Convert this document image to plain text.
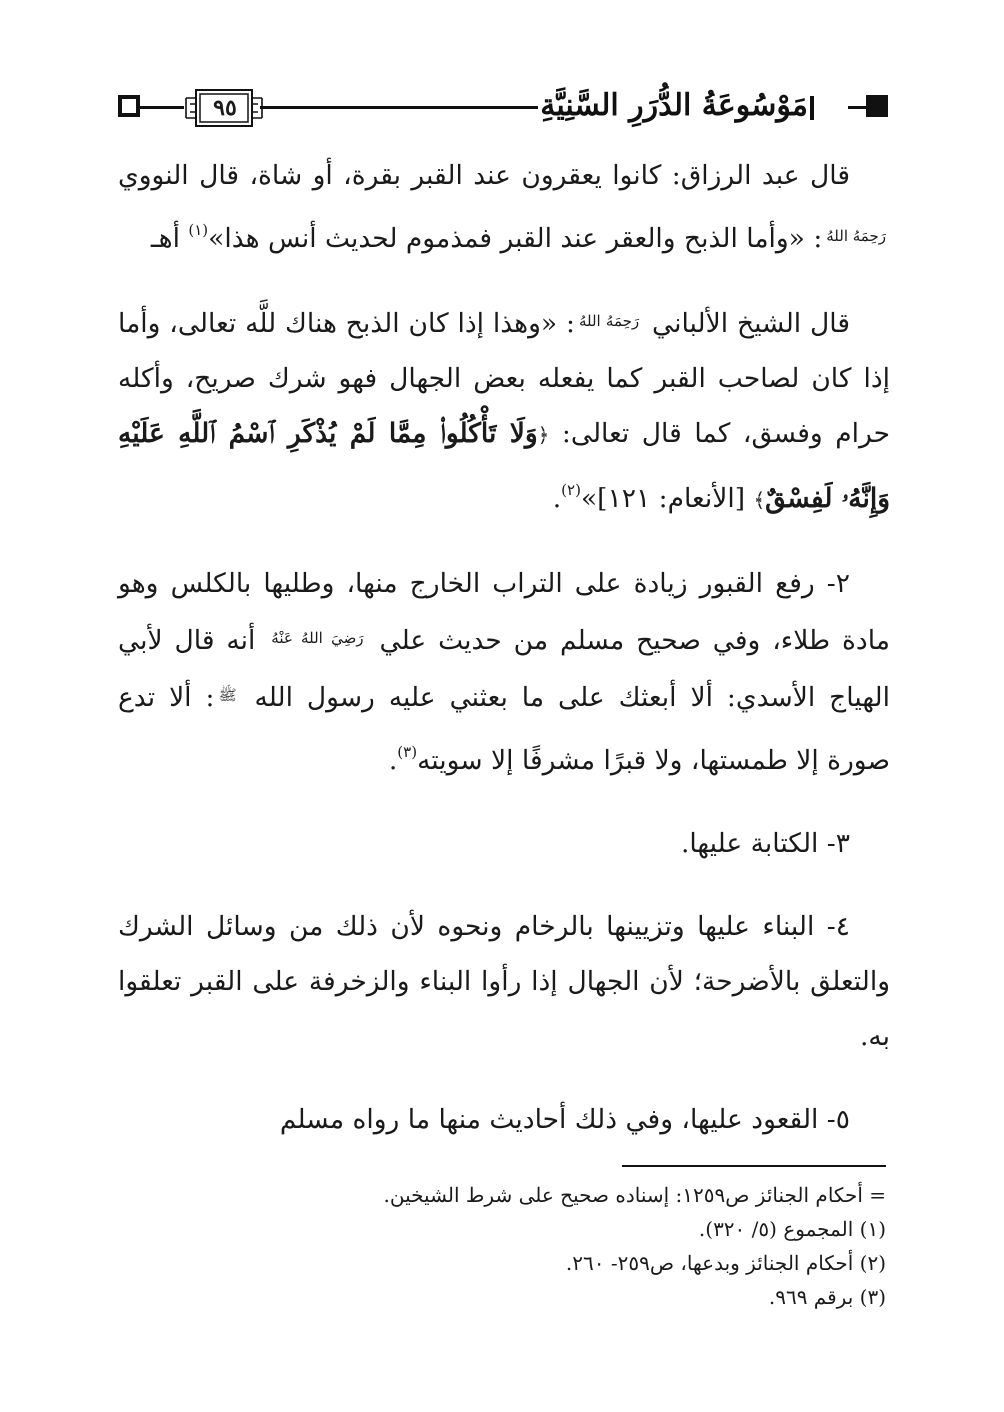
٩٥	مَوْسُوعَةُ الدُّرَرِ السَّنِيَّةِ

قال عبد الرزاق: كانوا يعقرون عند القبر بقرة، أو شاة، قال النووي $^{رَحِمَهُ اللهُ}$: «وأما الذبح والعقر عند القبر فمذموم لحديث أنس هذا»$^{(١)}$ أهـ

قال الشيخ الألباني $^{رَحِمَهُ اللهُ}$: «وهذا إذا كان الذبح هناك للَّه تعالى، وأما إذا كان لصاحب القبر كما يفعله بعض الجهال فهو شرك صريح، وأكله حرام وفسق، كما قال تعالى: ﴿وَلَا تَأْكُلُوا۟ مِمَّا لَمْ يُذْكَرِ ٱسْمُ ٱللَّهِ عَلَيْهِ وَإِنَّهُۥ لَفِسْقٌ﴾ [الأنعام: ١٢١]»$^{(٢)}$.

٢- رفع القبور زيادة على التراب الخارج منها، وطليها بالكلس وهو مادة طلاء، وفي صحيح مسلم من حديث علي $^{رَضِيَ اللهُ عَنْهُ}$ أنه قال لأبي الهياج الأسدي: ألا أبعثك على ما بعثني عليه رسول الله $^ﷺ$: ألا تدع صورة إلا طمستها، ولا قبرًا مشرفًا إلا سويته$^{(٣)}$.

٣- الكتابة عليها.

٤- البناء عليها وتزيينها بالرخام ونحوه لأن ذلك من وسائل الشرك والتعلق بالأضرحة؛ لأن الجهال إذا رأوا البناء والزخرفة على القبر تعلقوا به.

٥- القعود عليها، وفي ذلك أحاديث منها ما رواه مسلم

= أحكام الجنائز ص١٢٥٩: إسناده صحيح على شرط الشيخين.

(١) المجموع (٥/ ٣٢٠).

(٢) أحكام الجنائز وبدعها، ص٢٥٩- ٢٦٠.

(٣) برقم ٩٦٩.
